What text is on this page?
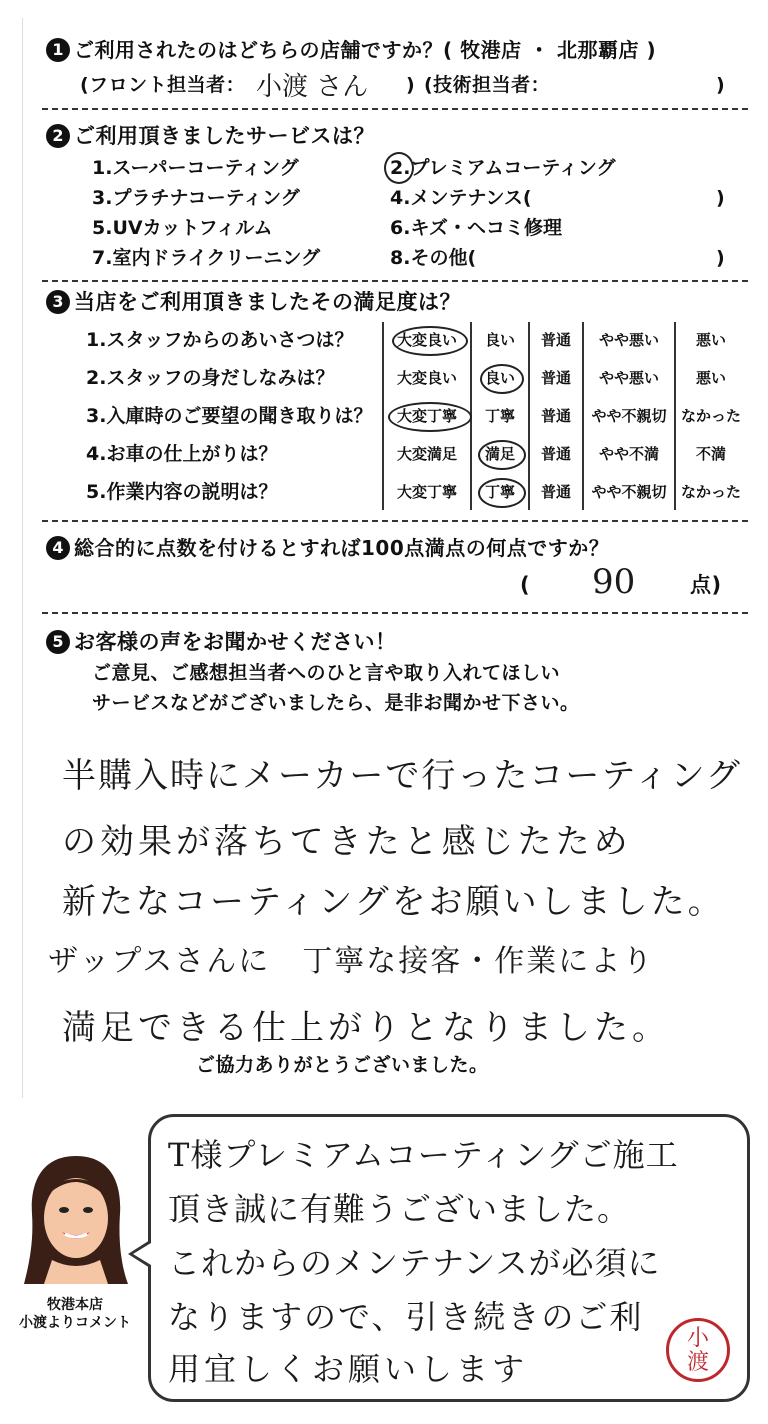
1 ご利用されたのはどちらの店舗ですか？( 牧港店 ・ 北那覇店 )
(フロント担当者： 小渡 さん ) (技術担当者：	)
2 ご利用頂きましたサービスは？
1.スーパーコーティング	2.プレミアムコーティング
3.プラチナコーティング	4.メンテナンス(	)
5.UVカットフィルム	6.キズ・ヘコミ修理
7.室内ドライクリーニング	8.その他(	)
3 当店をご利用頂きましたその満足度は？
1.スタッフからのあいさつは？	大変良い	良い	普通	やや悪い	悪い
2.スタッフの身だしなみは？	大変良い	良い	普通	やや悪い	悪い
3.入庫時のご要望の聞き取りは？	大変丁寧	丁寧	普通	やや不親切 なかった
4.お車の仕上がりは？	大変満足	満足	普通	やや不満	不満
5.作業内容の説明は？	大変丁寧	丁寧	普通	やや不親切 なかった
4 総合的に点数を付けるとすれば100点満点の何点ですか？
( 90	点)
5 お客様の声をお聞かせください！
ご意見、ご感想担当者へのひと言や取り入れてほしい
サービスなどがございましたら、是非お聞かせ下さい。
半購入時にメーカーで行ったコーティング
の効果が落ちてきたと感じたため
新たなコーティングをお願いしました。
ザップスさんに　丁寧な接客・作業により
満足できる仕上がりとなりました。
ご協力ありがとうございました。
牧港本店
小渡よりコメント
T様プレミアムコーティングご施工
頂き誠に有難うございました。
これからのメンテナンスが必須に
なりますので、引き続きのご利
用宜しくお願いします
小
渡
